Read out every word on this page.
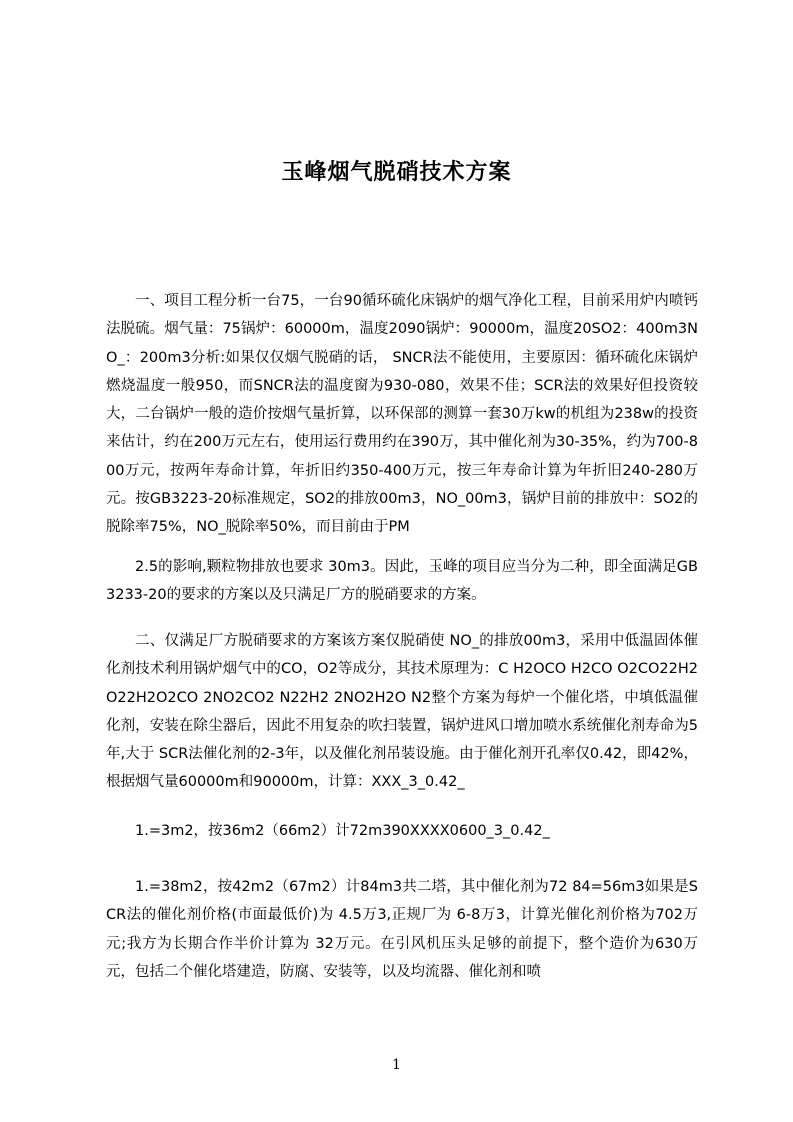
玉峰烟气脱硝技术方案

一、项目工程分析一台75，一台90循环硫化床锅炉的烟气净化工程，目前采用炉内喷钙法脱硫。烟气量：75锅炉：60000m，温度2090锅炉：90000m，温度20SO2：400m3NO_：200m3分析:如果仅仅烟气脱硝的话， SNCR法不能使用，主要原因：循环硫化床锅炉燃烧温度一般950，而SNCR法的温度窗为930-080，效果不佳；SCR法的效果好但投资较大，二台锅炉一般的造价按烟气量折算，以环保部的测算一套30万kw的机组为238w的投资来估计，约在200万元左右，使用运行费用约在390万，其中催化剂为30-35%，约为700-800万元，按两年寿命计算，年折旧约350-400万元，按三年寿命计算为年折旧240-280万元。按GB3223-20标准规定，SO2的排放00m3，NO_00m3，锅炉目前的排放中：SO2的脱除率75%，NO_脱除率50%，而目前由于PM

2.5的影响,颗粒物排放也要求 30m3。因此，玉峰的项目应当分为二种，即全面满足GB3233-20的要求的方案以及只满足厂方的脱硝要求的方案。

二、仅满足厂方脱硝要求的方案该方案仅脱硝使 NO_的排放00m3，采用中低温固体催化剂技术利用锅炉烟气中的CO，O2等成分，其技术原理为：C H2OCO H2CO O2CO22H2 O22H2O2CO 2NO2CO2 N22H2 2NO2H2O N2整个方案为每炉一个催化塔，中填低温催化剂，安装在除尘器后，因此不用复杂的吹扫装置，锅炉进风口增加喷水系统催化剂寿命为5年,大于 SCR法催化剂的2-3年，以及催化剂吊装设施。由于催化剂开孔率仅0.42，即42%，根据烟气量60000m和90000m，计算：XXX_3_0.42_

1.=3m2，按36m2（66m2）计72m390XXXX0600_3_0.42_

1.=38m2，按42m2（67m2）计84m3共二塔，其中催化剂为72 84=56m3如果是SCR法的催化剂价格(市面最低价)为 4.5万3,正规厂为 6-8万3，计算光催化剂价格为702万元;我方为长期合作半价计算为 32万元。在引风机压头足够的前提下，整个造价为630万元，包括二个催化塔建造，防腐、安装等，以及均流器、催化剂和喷

1
